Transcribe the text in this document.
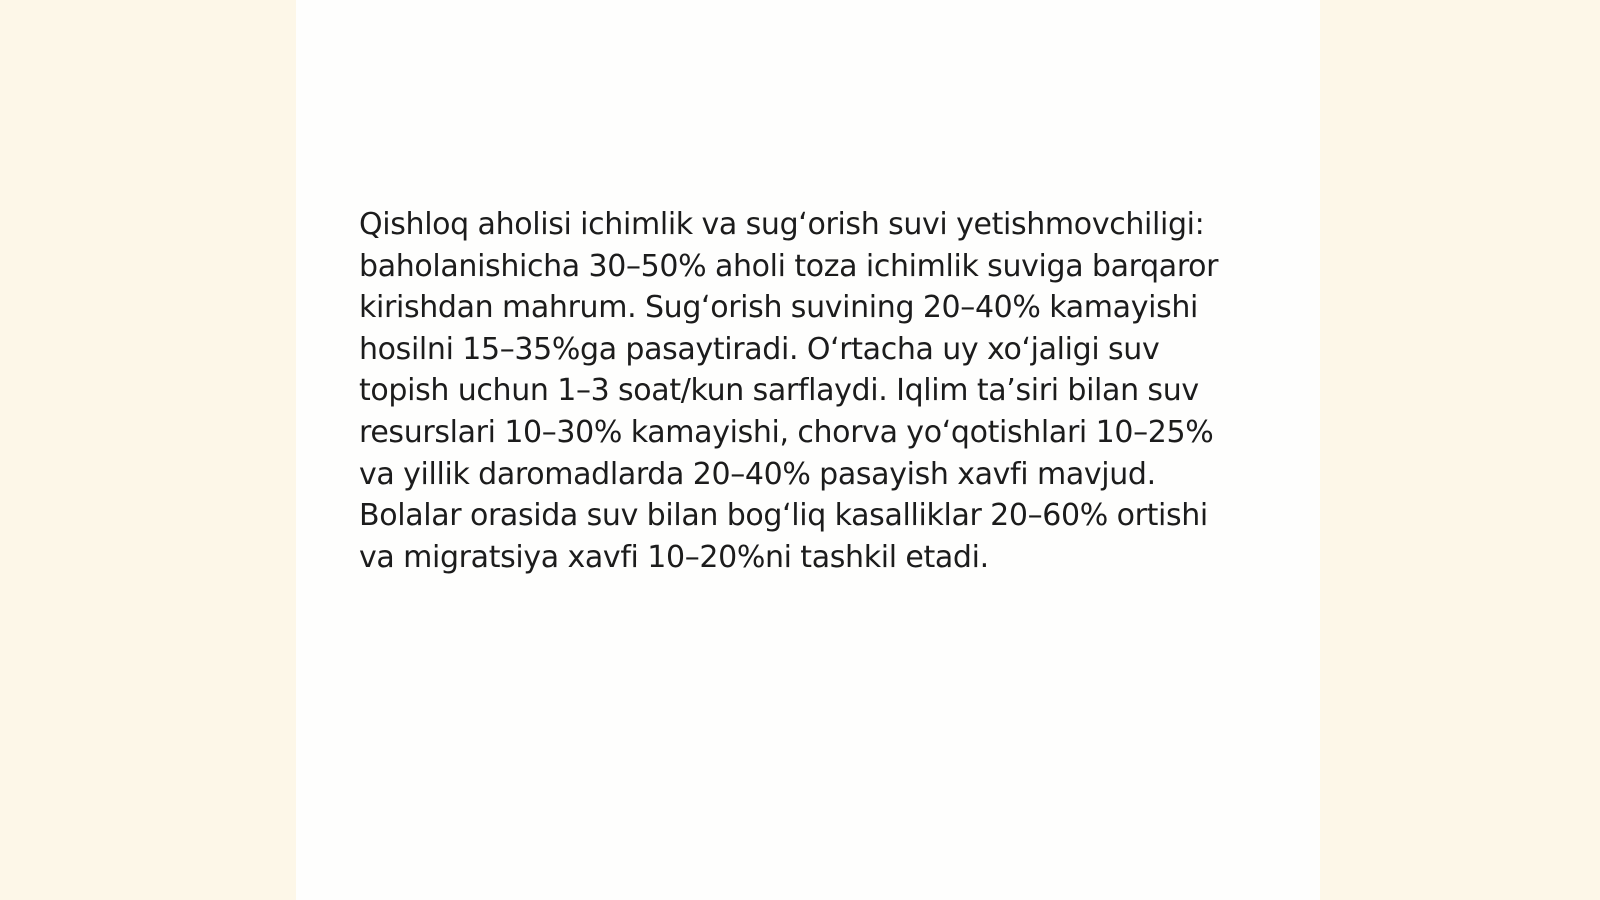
Qishloq aholisi ichimlik va sug‘orish suvi yetishmovchiligi: baholanishicha 30–50% aholi toza ichimlik suviga barqaror kirishdan mahrum. Sug‘orish suvining 20–40% kamayishi hosilni 15–35%ga pasaytiradi. O‘rtacha uy xo‘jaligi suv topish uchun 1–3 soat/kun sarflaydi. Iqlim ta’siri bilan suv resurslari 10–30% kamayishi, chorva yo‘qotishlari 10–25% va yillik daromadlarda 20–40% pasayish xavfi mavjud. Bolalar orasida suv bilan bog‘liq kasalliklar 20–60% ortishi va migratsiya xavfi 10–20%ni tashkil etadi.
